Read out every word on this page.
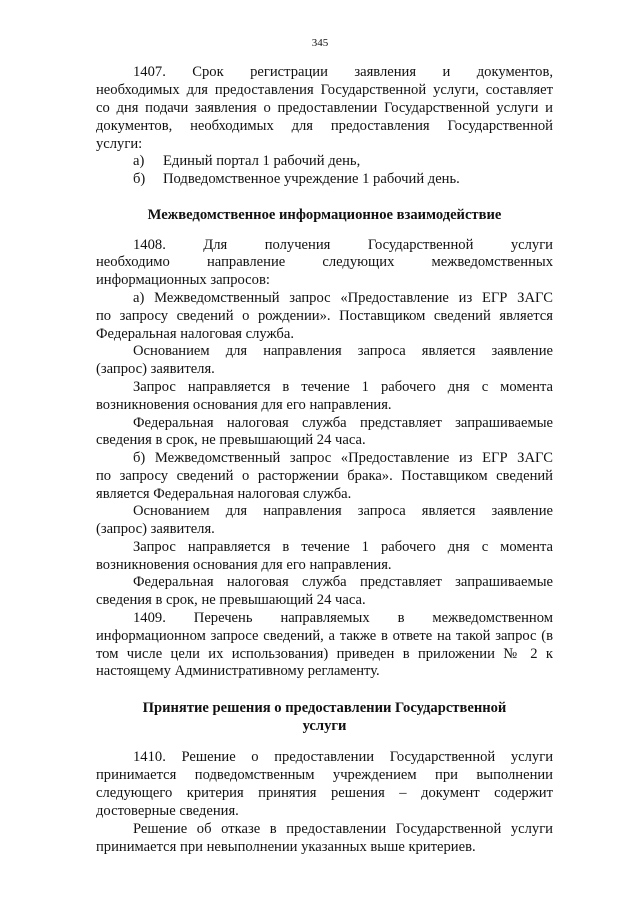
345
1407. Срок регистрации заявления и документов,
необходимых для предоставления Государственной услуги, составляет
со дня подачи заявления о предоставлении Государственной услуги и
документов, необходимых для предоставления Государственной
услуги:
а) Единый портал 1 рабочий день,
б) Подведомственное учреждение 1 рабочий день.
Межведомственное информационное взаимодействие
1408. Для получения Государственной услуги
необходимо направление следующих межведомственных
информационных запросов:
а) Межведомственный запрос «Предоставление из ЕГР ЗАГС
по запросу сведений о рождении». Поставщиком сведений является
Федеральная налоговая служба.
Основанием для направления запроса является заявление
(запрос) заявителя.
Запрос направляется в течение 1 рабочего дня с момента
возникновения основания для его направления.
Федеральная налоговая служба представляет запрашиваемые
сведения в срок, не превышающий 24 часа.
б) Межведомственный запрос «Предоставление из ЕГР ЗАГС
по запросу сведений о расторжении брака». Поставщиком сведений
является Федеральная налоговая служба.
Основанием для направления запроса является заявление
(запрос) заявителя.
Запрос направляется в течение 1 рабочего дня с момента
возникновения основания для его направления.
Федеральная налоговая служба представляет запрашиваемые
сведения в срок, не превышающий 24 часа.
1409. Перечень направляемых в межведомственном
информационном запросе сведений, а также в ответе на такой запрос (в
том числе цели их использования) приведен в приложении № 2 к
настоящему Административному регламенту.
Принятие решения о предоставлении Государственной
услуги
1410. Решение о предоставлении Государственной услуги
принимается подведомственным учреждением при выполнении
следующего критерия принятия решения – документ содержит
достоверные сведения.
Решение об отказе в предоставлении Государственной услуги
принимается при невыполнении указанных выше критериев.
